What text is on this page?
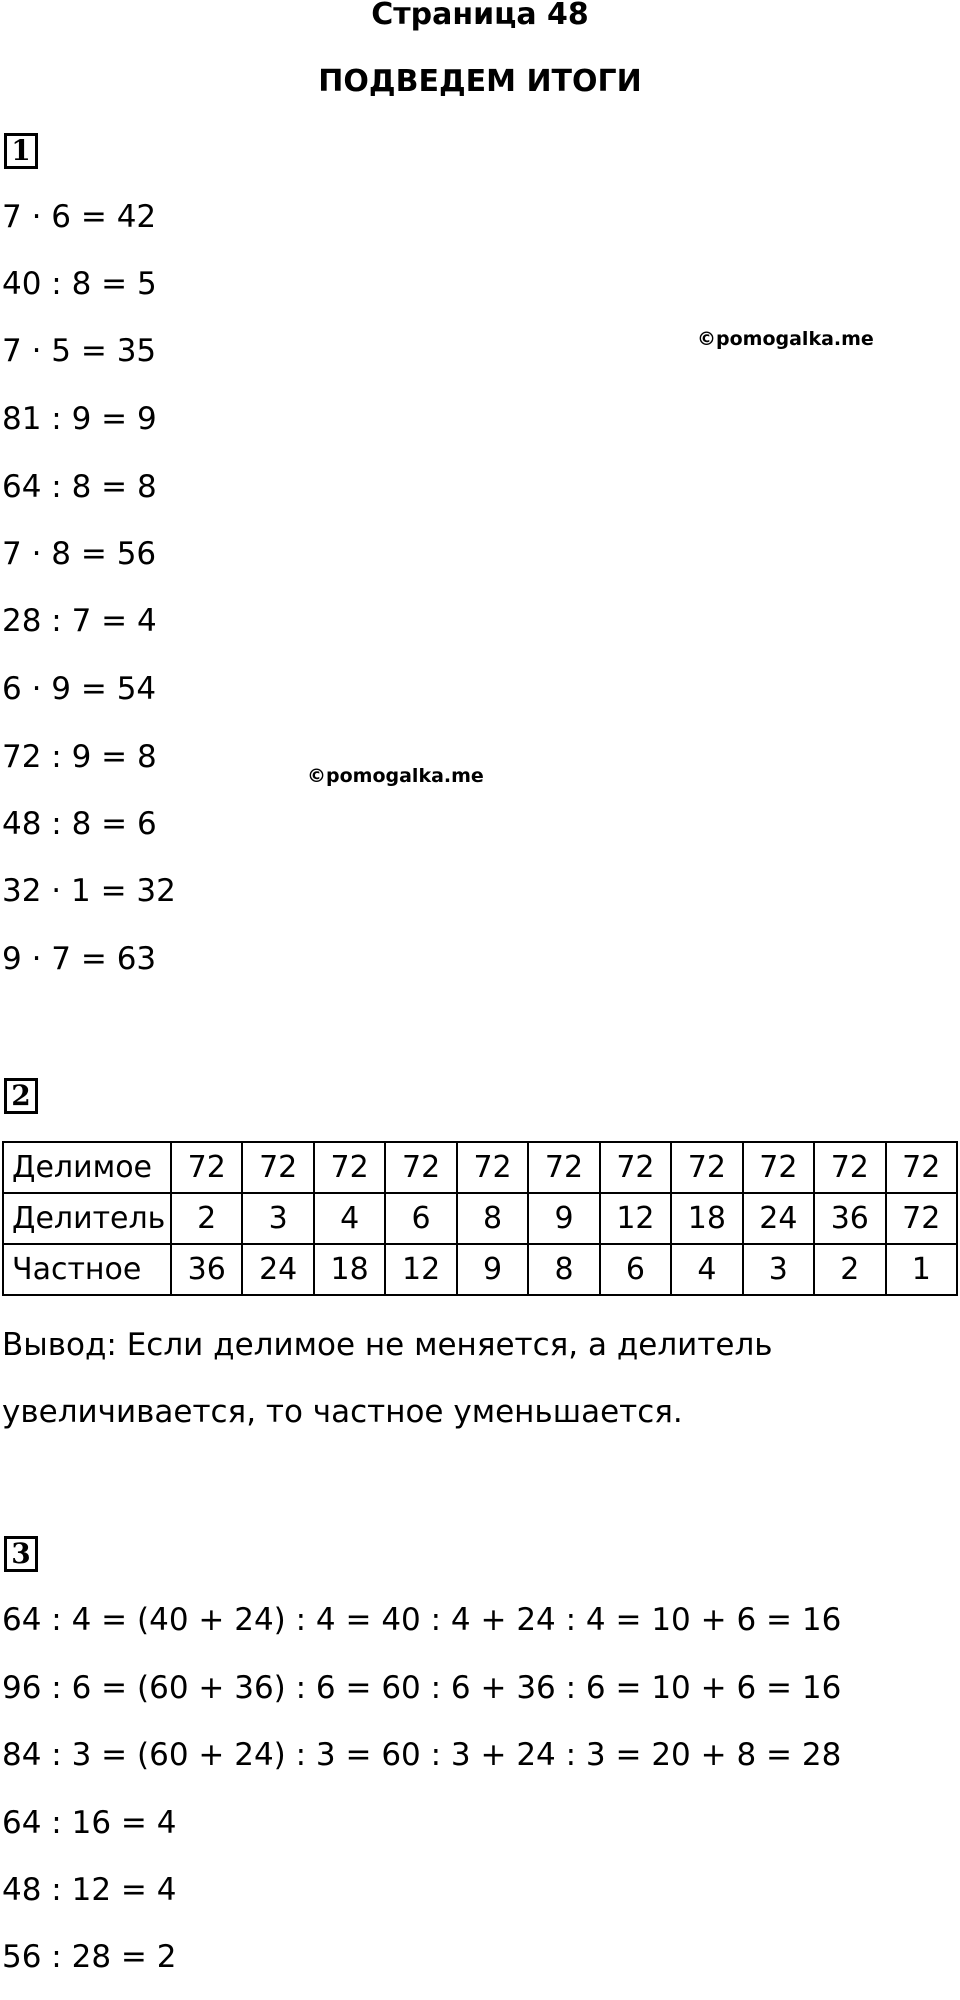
Страница 48
ПОДВЕДЕМ ИТОГИ
1
7 · 6 = 42
40 : 8 = 5
7 · 5 = 35
81 : 9 = 9
64 : 8 = 8
7 · 8 = 56
28 : 7 = 4
6 · 9 = 54
72 : 9 = 8
48 : 8 = 6
32 · 1 = 32
9 · 7 = 63
©pomogalka.me
©pomogalka.me
2
Делимое	72	72	72	72	72	72	72	72	72	72	72
Делитель	2	3	4	6	8	9	12	18	24	36	72
Частное	36	24	18	12	9	8	6	4	3	2	1
Вывод: Если делимое не меняется, а делитель
увеличивается, то частное уменьшается.
3
64 : 4 = (40 + 24) : 4 = 40 : 4 + 24 : 4 = 10 + 6 = 16
96 : 6 = (60 + 36) : 6 = 60 : 6 + 36 : 6 = 10 + 6 = 16
84 : 3 = (60 + 24) : 3 = 60 : 3 + 24 : 3 = 20 + 8 = 28
64 : 16 = 4
48 : 12 = 4
56 : 28 = 2
